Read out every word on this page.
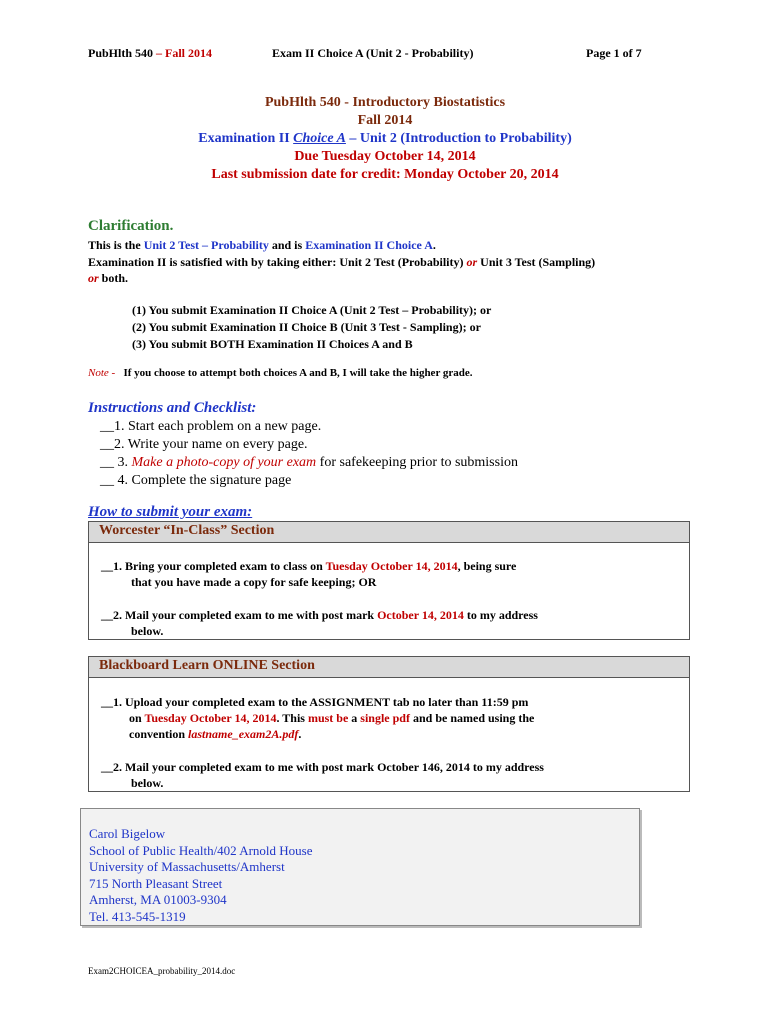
PubHlth 540 – Fall 2014	Exam II Choice A (Unit 2 - Probability)	Page 1 of 7
PubHlth 540 - Introductory Biostatistics
Fall 2014
Examination II Choice A – Unit 2 (Introduction to Probability)
Due Tuesday October 14, 2014
Last submission date for credit: Monday October 20, 2014
Clarification.
This is the Unit 2 Test – Probability and is Examination II Choice A.
Examination II is satisfied with by taking either: Unit 2 Test (Probability) or Unit 3 Test (Sampling)
or both.
(1) You submit Examination II Choice A (Unit 2 Test – Probability); or
(2) You submit Examination II Choice B (Unit 3 Test - Sampling); or
(3) You submit BOTH Examination II Choices A and B
Note -   If you choose to attempt both choices A and B, I will take the higher grade.
Instructions and Checklist:
__1. Start each problem on a new page.
__2. Write your name on every page.
__ 3. Make a photo-copy of your exam for safekeeping prior to submission
__ 4. Complete the signature page
How to submit your exam:
Worcester “In-Class” Section
__1. Bring your completed exam to class on Tuesday October 14, 2014, being sure
that you have made a copy for safe keeping; OR
__2. Mail your completed exam to me with post mark October 14, 2014 to my address
below.
Blackboard Learn ONLINE Section
__1. Upload your completed exam to the ASSIGNMENT tab no later than 11:59 pm
on Tuesday October 14, 2014. This must be a single pdf and be named using the
convention lastname_exam2A.pdf.
__2. Mail your completed exam to me with post mark October 146, 2014 to my address
below.
Carol Bigelow
School of Public Health/402 Arnold House
University of Massachusetts/Amherst
715 North Pleasant Street
Amherst, MA 01003-9304
Tel. 413-545-1319
Exam2CHOICEA_probability_2014.doc
